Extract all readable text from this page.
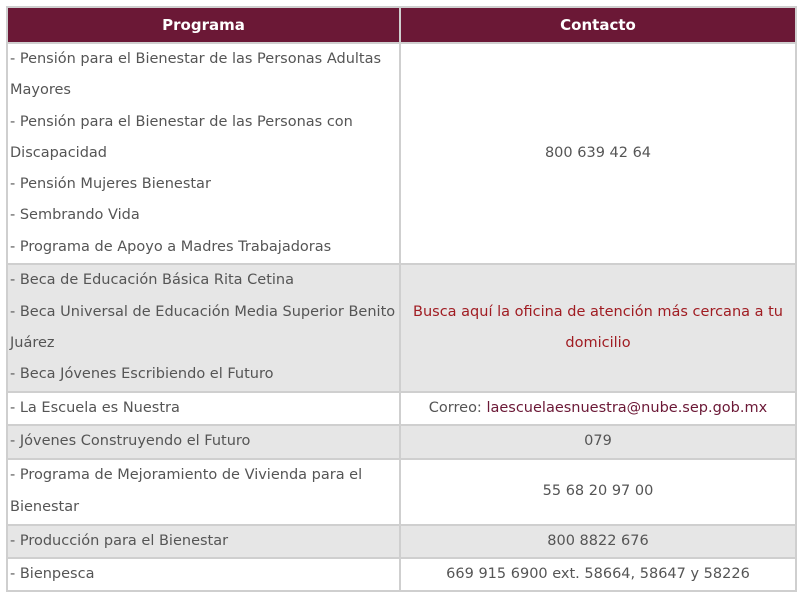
Programa	Contacto

- Pensión para el Bienestar de las Personas Adultas Mayores
- Pensión para el Bienestar de las Personas con Discapacidad
- Pensión Mujeres Bienestar
- Sembrando Vida
- Programa de Apoyo a Madres Trabajadoras	800 639 42 64

- Beca de Educación Básica Rita Cetina
- Beca Universal de Educación Media Superior Benito Juárez
- Beca Jóvenes Escribiendo el Futuro	Busca aquí la oficina de atención más cercana a tu domicilio

- La Escuela es Nuestra	Correo: laescuelaesnuestra@nube.sep.gob.mx

- Jóvenes Construyendo el Futuro	079

- Programa de Mejoramiento de Vivienda para el Bienestar	55 68 20 97 00

- Producción para el Bienestar	800 8822 676

- Bienpesca	669 915 6900 ext. 58664, 58647 y 58226
